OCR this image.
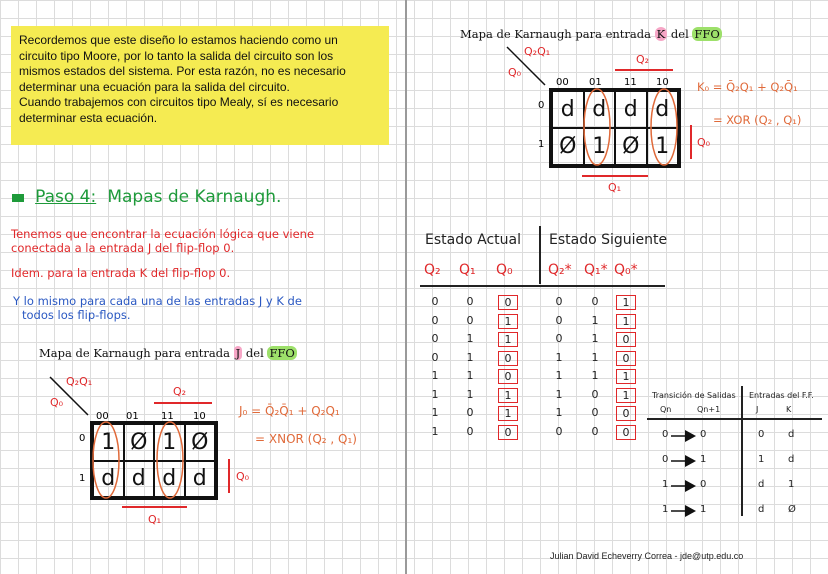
Recordemos que este diseño lo estamos haciendo como un
circuito tipo Moore, por lo tanto la salida del circuito son los
mismos estados del sistema. Por esta razón, no es necesario
determinar una ecuación para la salida del circuito.
Cuando trabajemos con circuitos tipo Mealy, sí es necesario
determinar esta ecuación.
Paso 4: Mapas de Karnaugh.
Tenemos que encontrar la ecuación lógica que viene
conectada a la entrada J del flip-flop 0.
Idem. para la entrada K del flip-flop 0.
Y lo mismo para cada una de las entradas J y K de
todos los flip-flops.
Mapa de Karnaugh para entrada J del FFO
Q₂Q₁
Q₀
Q₂
00 01 11 10
0
1
1 Ø 1 Ø
d d d d	Q₀
Q₁
J₀ = Q̄₂Q̄₁ + Q₂Q₁
= XNOR (Q₂ , Q₁)
Mapa de Karnaugh para entrada K del FFO
Q₂Q₁
Q₀
Q₂
00 01 11 10
0
1
d d d d
Ø 1 Ø 1	Q₀
Q₁
K₀ = Q̄₂Q₁ + Q₂Q̄₁
= XOR (Q₂ , Q₁)
Estado Actual Estado Siguiente
Q₂ Q₁ Q₀	Q₂* Q₁* Q₀*
0	0	0	0	0	1
0	0	1	0	1	1
0	1	1	0	1	0
0	1	0	1	1	0
1	1	0	1	1	1
1	1	1	1	0	1
1	0	1	1	0	0
1	0	0	0	0	0
Transición de Salidas Entradas del F.F.
Qn	Qn+1	J	K
0	0	0 d
0	1	1 d
1	0	d 1
1	1	d Ø
Julian David Echeverry Correa - jde@utp.edu.co
